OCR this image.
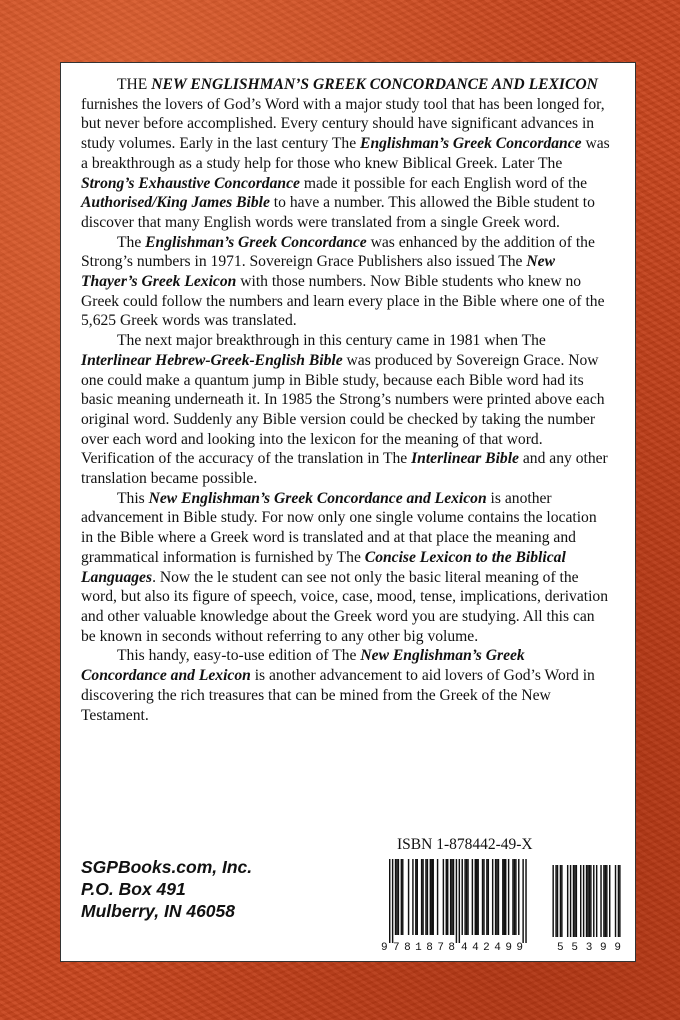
THE NEW ENGLISHMAN’S GREEK CONCORDANCE AND LEXICON furnishes the lovers of God’s Word with a major study tool that has been longed for, but never before accomplished. Every century should have significant advances in study volumes. Early in the last century The Englishman’s Greek Concordance was a breakthrough as a study help for those who knew Biblical Greek. Later The Strong’s Exhaustive Concordance made it possible for each English word of the Authorised/King James Bible to have a number. This allowed the Bible student to discover that many English words were translated from a single Greek word.

The Englishman’s Greek Concordance was enhanced by the addition of the Strong’s numbers in 1971. Sovereign Grace Publishers also issued The New Thayer’s Greek Lexicon with those numbers. Now Bible students who knew no Greek could follow the numbers and learn every place in the Bible where one of the 5,625 Greek words was translated.

The next major breakthrough in this century came in 1981 when The Interlinear Hebrew-Greek-English Bible was produced by Sovereign Grace. Now one could make a quantum jump in Bible study, because each Bible word had its basic meaning underneath it. In 1985 the Strong’s numbers were printed above each original word. Suddenly any Bible version could be checked by taking the number over each word and looking into the lexicon for the meaning of that word. Verification of the accuracy of the translation in The Interlinear Bible and any other translation became possible.

This New Englishman’s Greek Concordance and Lexicon is another advancement in Bible study. For now only one single volume contains the location in the Bible where a Greek word is translated and at that place the meaning and grammatical information is furnished by The Concise Lexicon to the Biblical Languages. Now the le student can see not only the basic literal meaning of the word, but also its figure of speech, voice, case, mood, tense, implications, derivation and other valuable knowledge about the Greek word you are studying. All this can be known in seconds without referring to any other big volume.

This handy, easy-to-use edition of The New Englishman’s Greek Concordance and Lexicon is another advancement to aid lovers of God’s Word in discovering the rich treasures that can be mined from the Greek of the New Testament.

SGPBooks.com, Inc.
P.O. Box 491
Mulberry, IN 46058
ISBN 1-878442-49-X
9 781878 442499	55399
